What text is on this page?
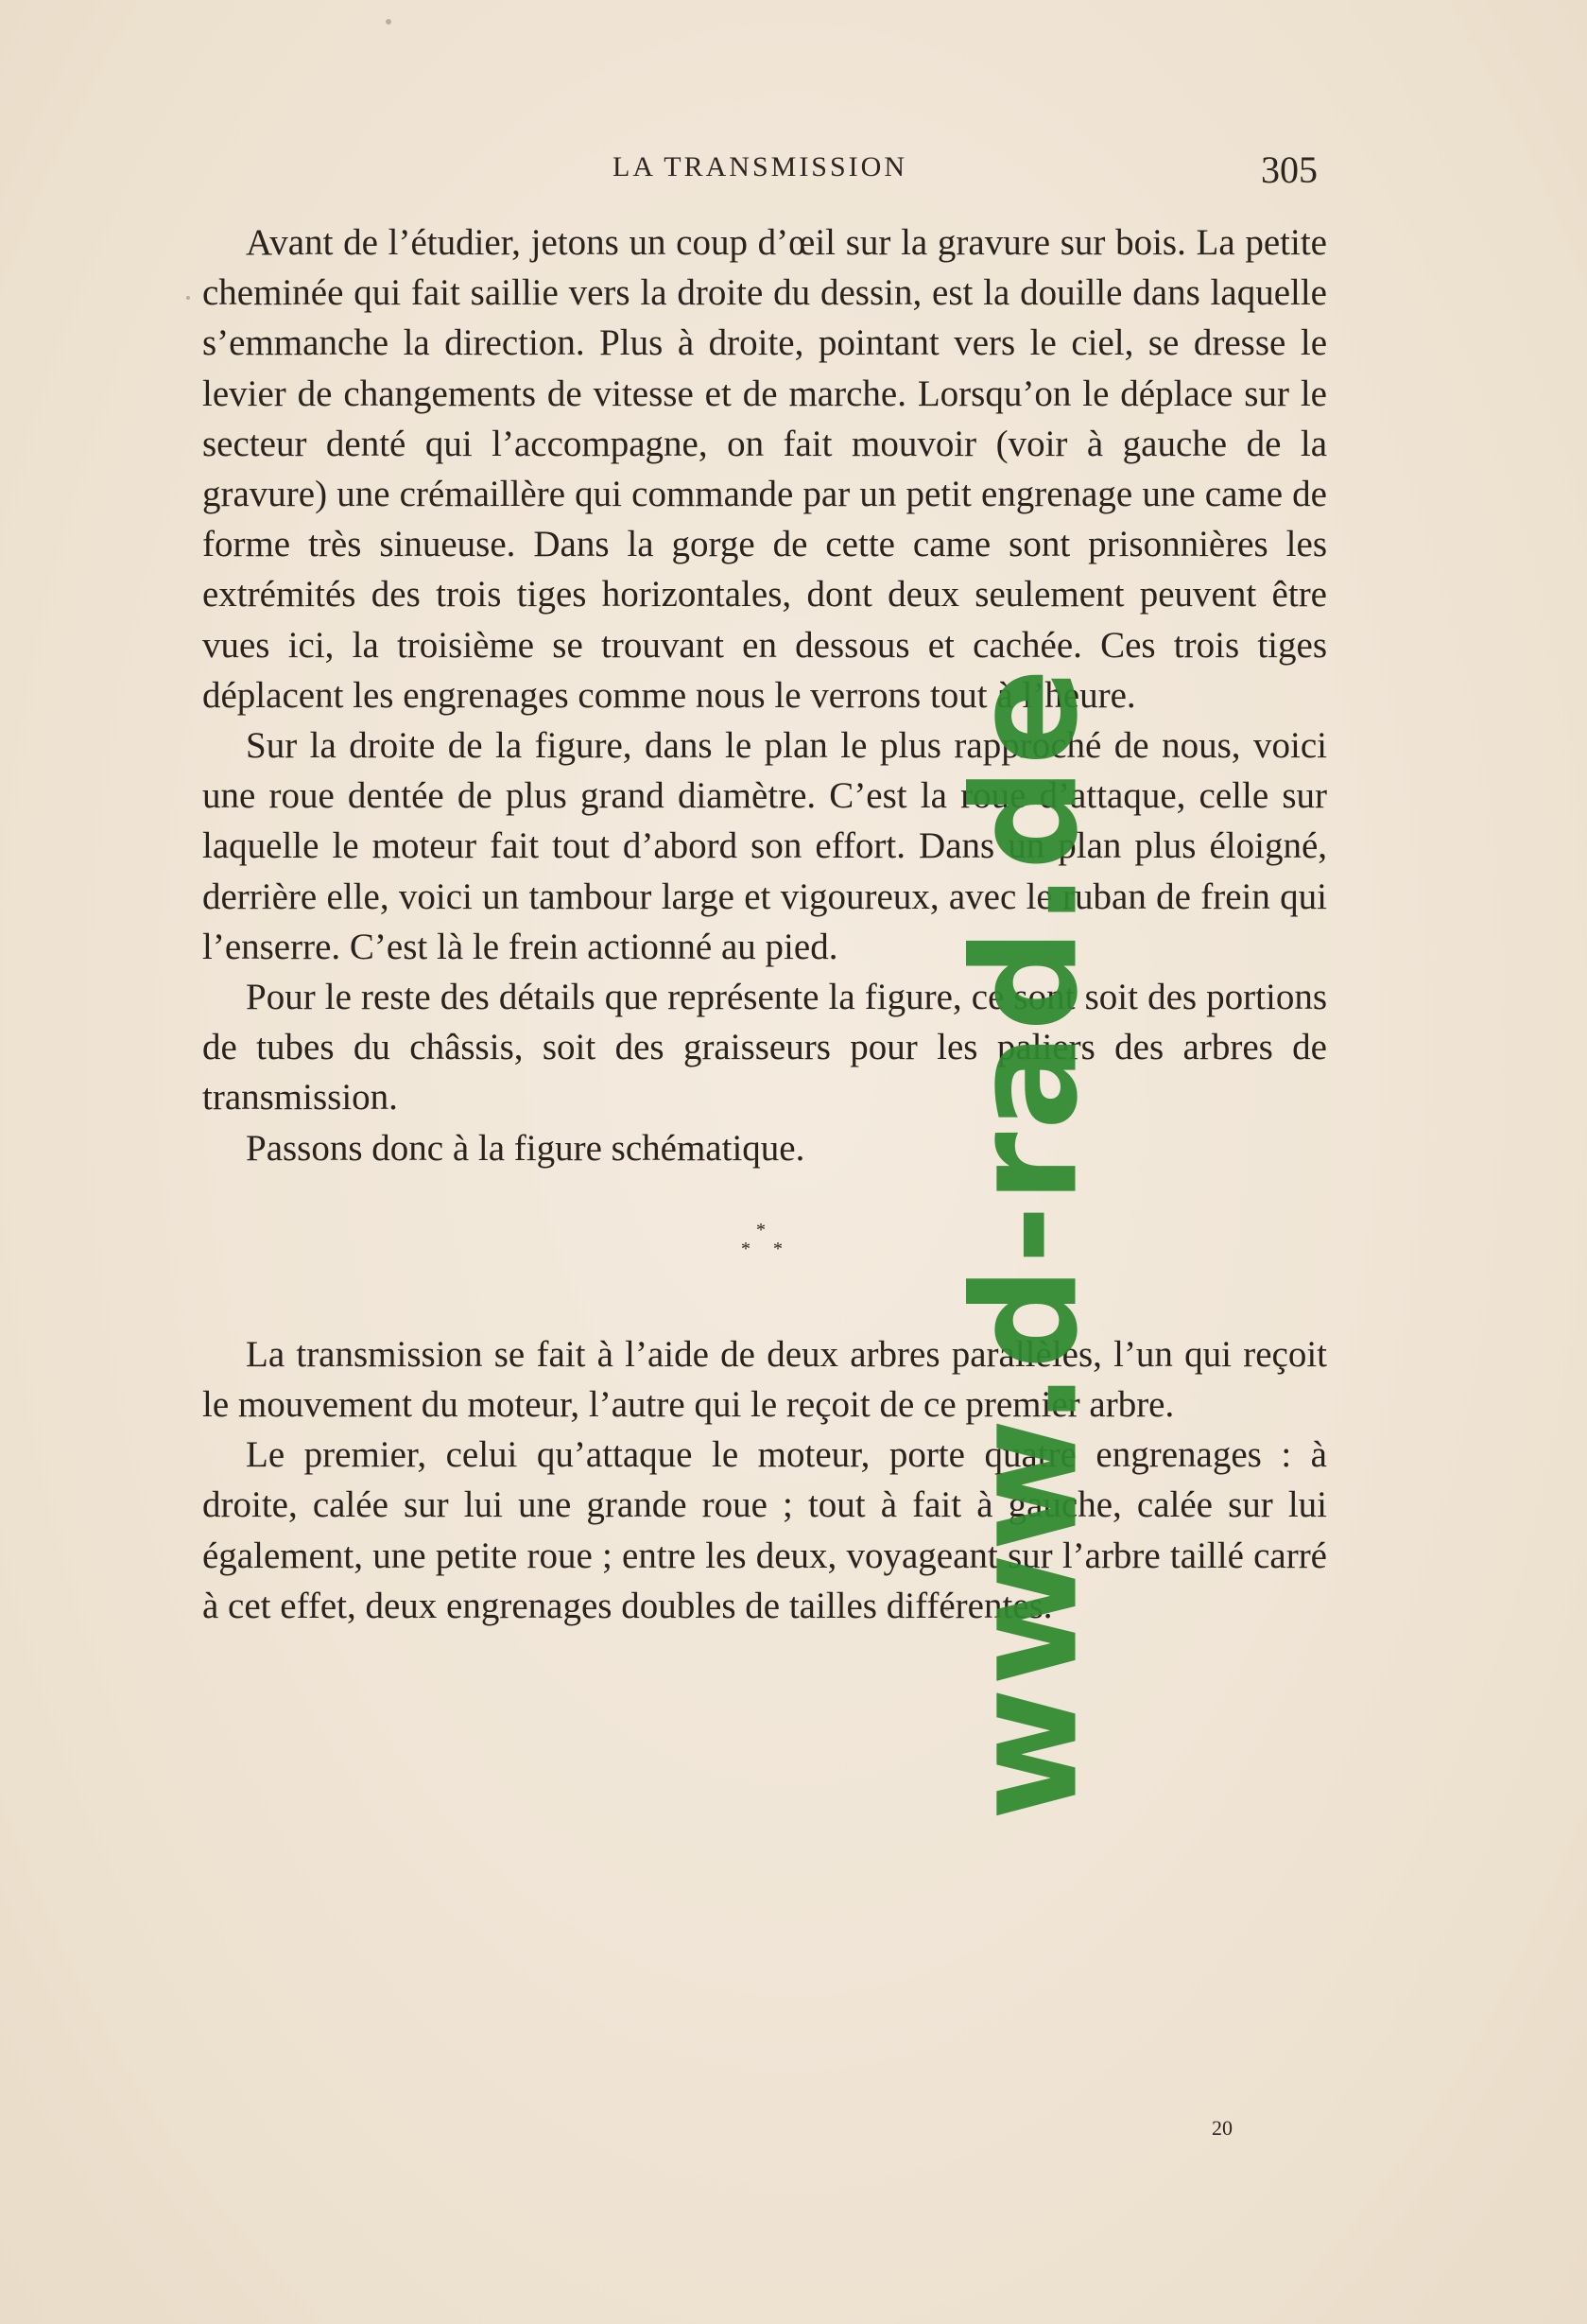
LA TRANSMISSION	305

Avant de l’étudier, jetons un coup d’œil sur la gravure sur bois. La petite cheminée qui fait saillie vers la droite du dessin, est la douille dans laquelle s’emmanche la direction. Plus à droite, pointant vers le ciel, se dresse le levier de changements de vitesse et de marche. Lorsqu’on le déplace sur le secteur denté qui l’accompagne, on fait mouvoir (voir à gauche de la gravure) une crémaillère qui commande par un petit engrenage une came de forme très sinueuse. Dans la gorge de cette came sont prisonnières les extrémités des trois tiges horizontales, dont deux seulement peuvent être vues ici, la troisième se trouvant en dessous et cachée. Ces trois tiges déplacent les engrenages comme nous le verrons tout à l’heure.

Sur la droite de la figure, dans le plan le plus rapproché de nous, voici une roue dentée de plus grand diamètre. C’est la roue d’attaque, celle sur laquelle le moteur fait tout d’abord son effort. Dans un plan plus éloigné, derrière elle, voici un tambour large et vigoureux, avec le ruban de frein qui l’enserre. C’est là le frein actionné au pied.

Pour le reste des détails que représente la figure, ce sont soit des portions de tubes du châssis, soit des graisseurs pour les paliers des arbres de transmission.

Passons donc à la figure schématique.

*
* *

La transmission se fait à l’aide de deux arbres parallèles, l’un qui reçoit le mouvement du moteur, l’autre qui le reçoit de ce premier arbre.

Le premier, celui qu’attaque le moteur, porte quatre engrenages : à droite, calée sur lui une grande roue ; tout à fait à gauche, calée sur lui également, une petite roue ; entre les deux, voyageant sur l’arbre taillé carré à cet effet, deux engrenages doubles de tailles différentes.

20
www.d-rad.de
